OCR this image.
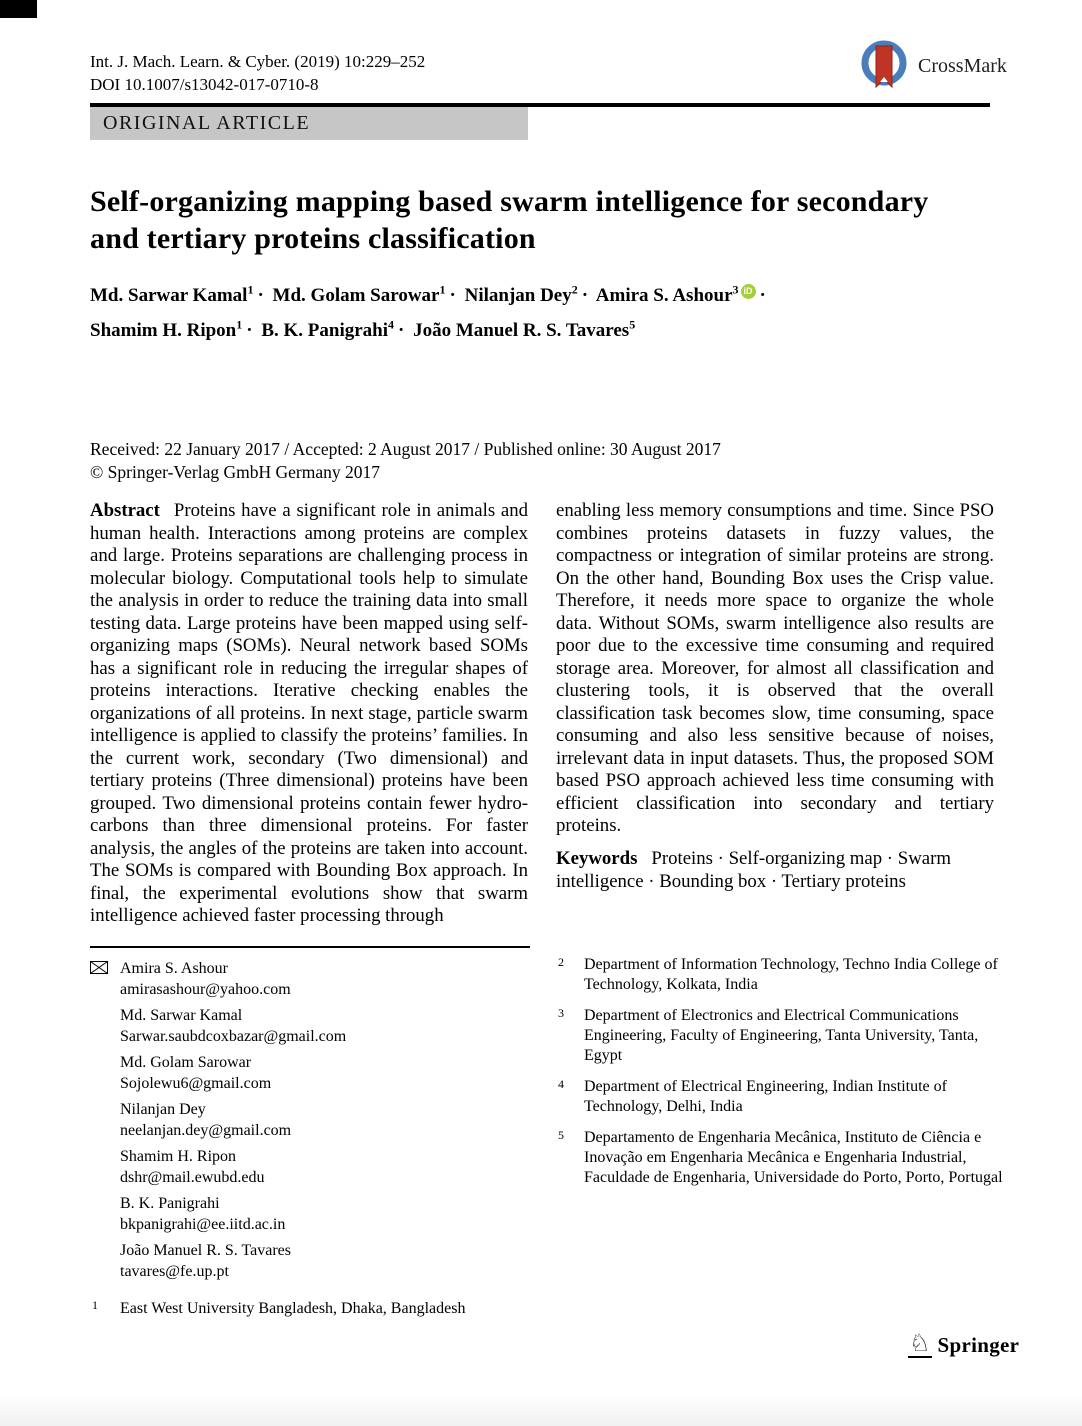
Int. J. Mach. Learn. & Cyber. (2019) 10:229–252
DOI 10.1007/s13042-017-0710-8
CrossMark
ORIGINAL ARTICLE
Self-organizing mapping based swarm intelligence for secondary and tertiary proteins classification
Md. Sarwar Kamal$^1$ · Md. Golam Sarowar$^1$ · Nilanjan Dey$^2$ · Amira S. Ashour$^3$ iD ·
Shamim H. Ripon$^1$ · B. K. Panigrahi$^4$ · João Manuel R. S. Tavares$^5$
Received: 22 January 2017 / Accepted: 2 August 2017 / Published online: 30 August 2017
© Springer-Verlag GmbH Germany 2017
Abstract Proteins have a significant role in animals and human health. Interactions among proteins are complex and large. Proteins separations are challenging process in molecular biology. Computational tools help to simulate the analysis in order to reduce the training data into small testing data. Large proteins have been mapped using self-organizing maps (SOMs). Neural network based SOMs has a significant role in reducing the irregular shapes of proteins interactions. Iterative checking enables the organizations of all proteins. In next stage, particle swarm intelligence is applied to classify the proteins’ families. In the current work, secondary (Two dimensional) and tertiary proteins (Three dimensional) proteins have been grouped. Two dimensional proteins contain fewer hydro-carbons than three dimensional proteins. For faster analysis, the angles of the proteins are taken into account. The SOMs is compared with Bounding Box approach. In final, the experimental evolutions show that swarm intelligence achieved faster processing through
enabling less memory consumptions and time. Since PSO combines proteins datasets in fuzzy values, the compactness or integration of similar proteins are strong. On the other hand, Bounding Box uses the Crisp value. Therefore, it needs more space to organize the whole data. Without SOMs, swarm intelligence also results are poor due to the excessive time consuming and required storage area. Moreover, for almost all classification and clustering tools, it is observed that the overall classification task becomes slow, time consuming, space consuming and also less sensitive because of noises, irrelevant data in input datasets. Thus, the proposed SOM based PSO approach achieved less time consuming with efficient classification into secondary and tertiary proteins.
Keywords Proteins · Self-organizing map · Swarm intelligence · Bounding box · Tertiary proteins
Amira S. Ashour
amirasashour@yahoo.com
Md. Sarwar Kamal
Sarwar.saubdcoxbazar@gmail.com
Md. Golam Sarowar
Sojolewu6@gmail.com
Nilanjan Dey
neelanjan.dey@gmail.com
Shamim H. Ripon
dshr@mail.ewubd.edu
B. K. Panigrahi
bkpanigrahi@ee.iitd.ac.in
João Manuel R. S. Tavares
tavares@fe.up.pt
1 East West University Bangladesh, Dhaka, Bangladesh
2 Department of Information Technology, Techno India College of Technology, Kolkata, India
3 Department of Electronics and Electrical Communications Engineering, Faculty of Engineering, Tanta University, Tanta, Egypt
4 Department of Electrical Engineering, Indian Institute of Technology, Delhi, India
5 Departamento de Engenharia Mecânica, Instituto de Ciência e Inovação em Engenharia Mecânica e Engenharia Industrial, Faculdade de Engenharia, Universidade do Porto, Porto, Portugal
♘ Springer
